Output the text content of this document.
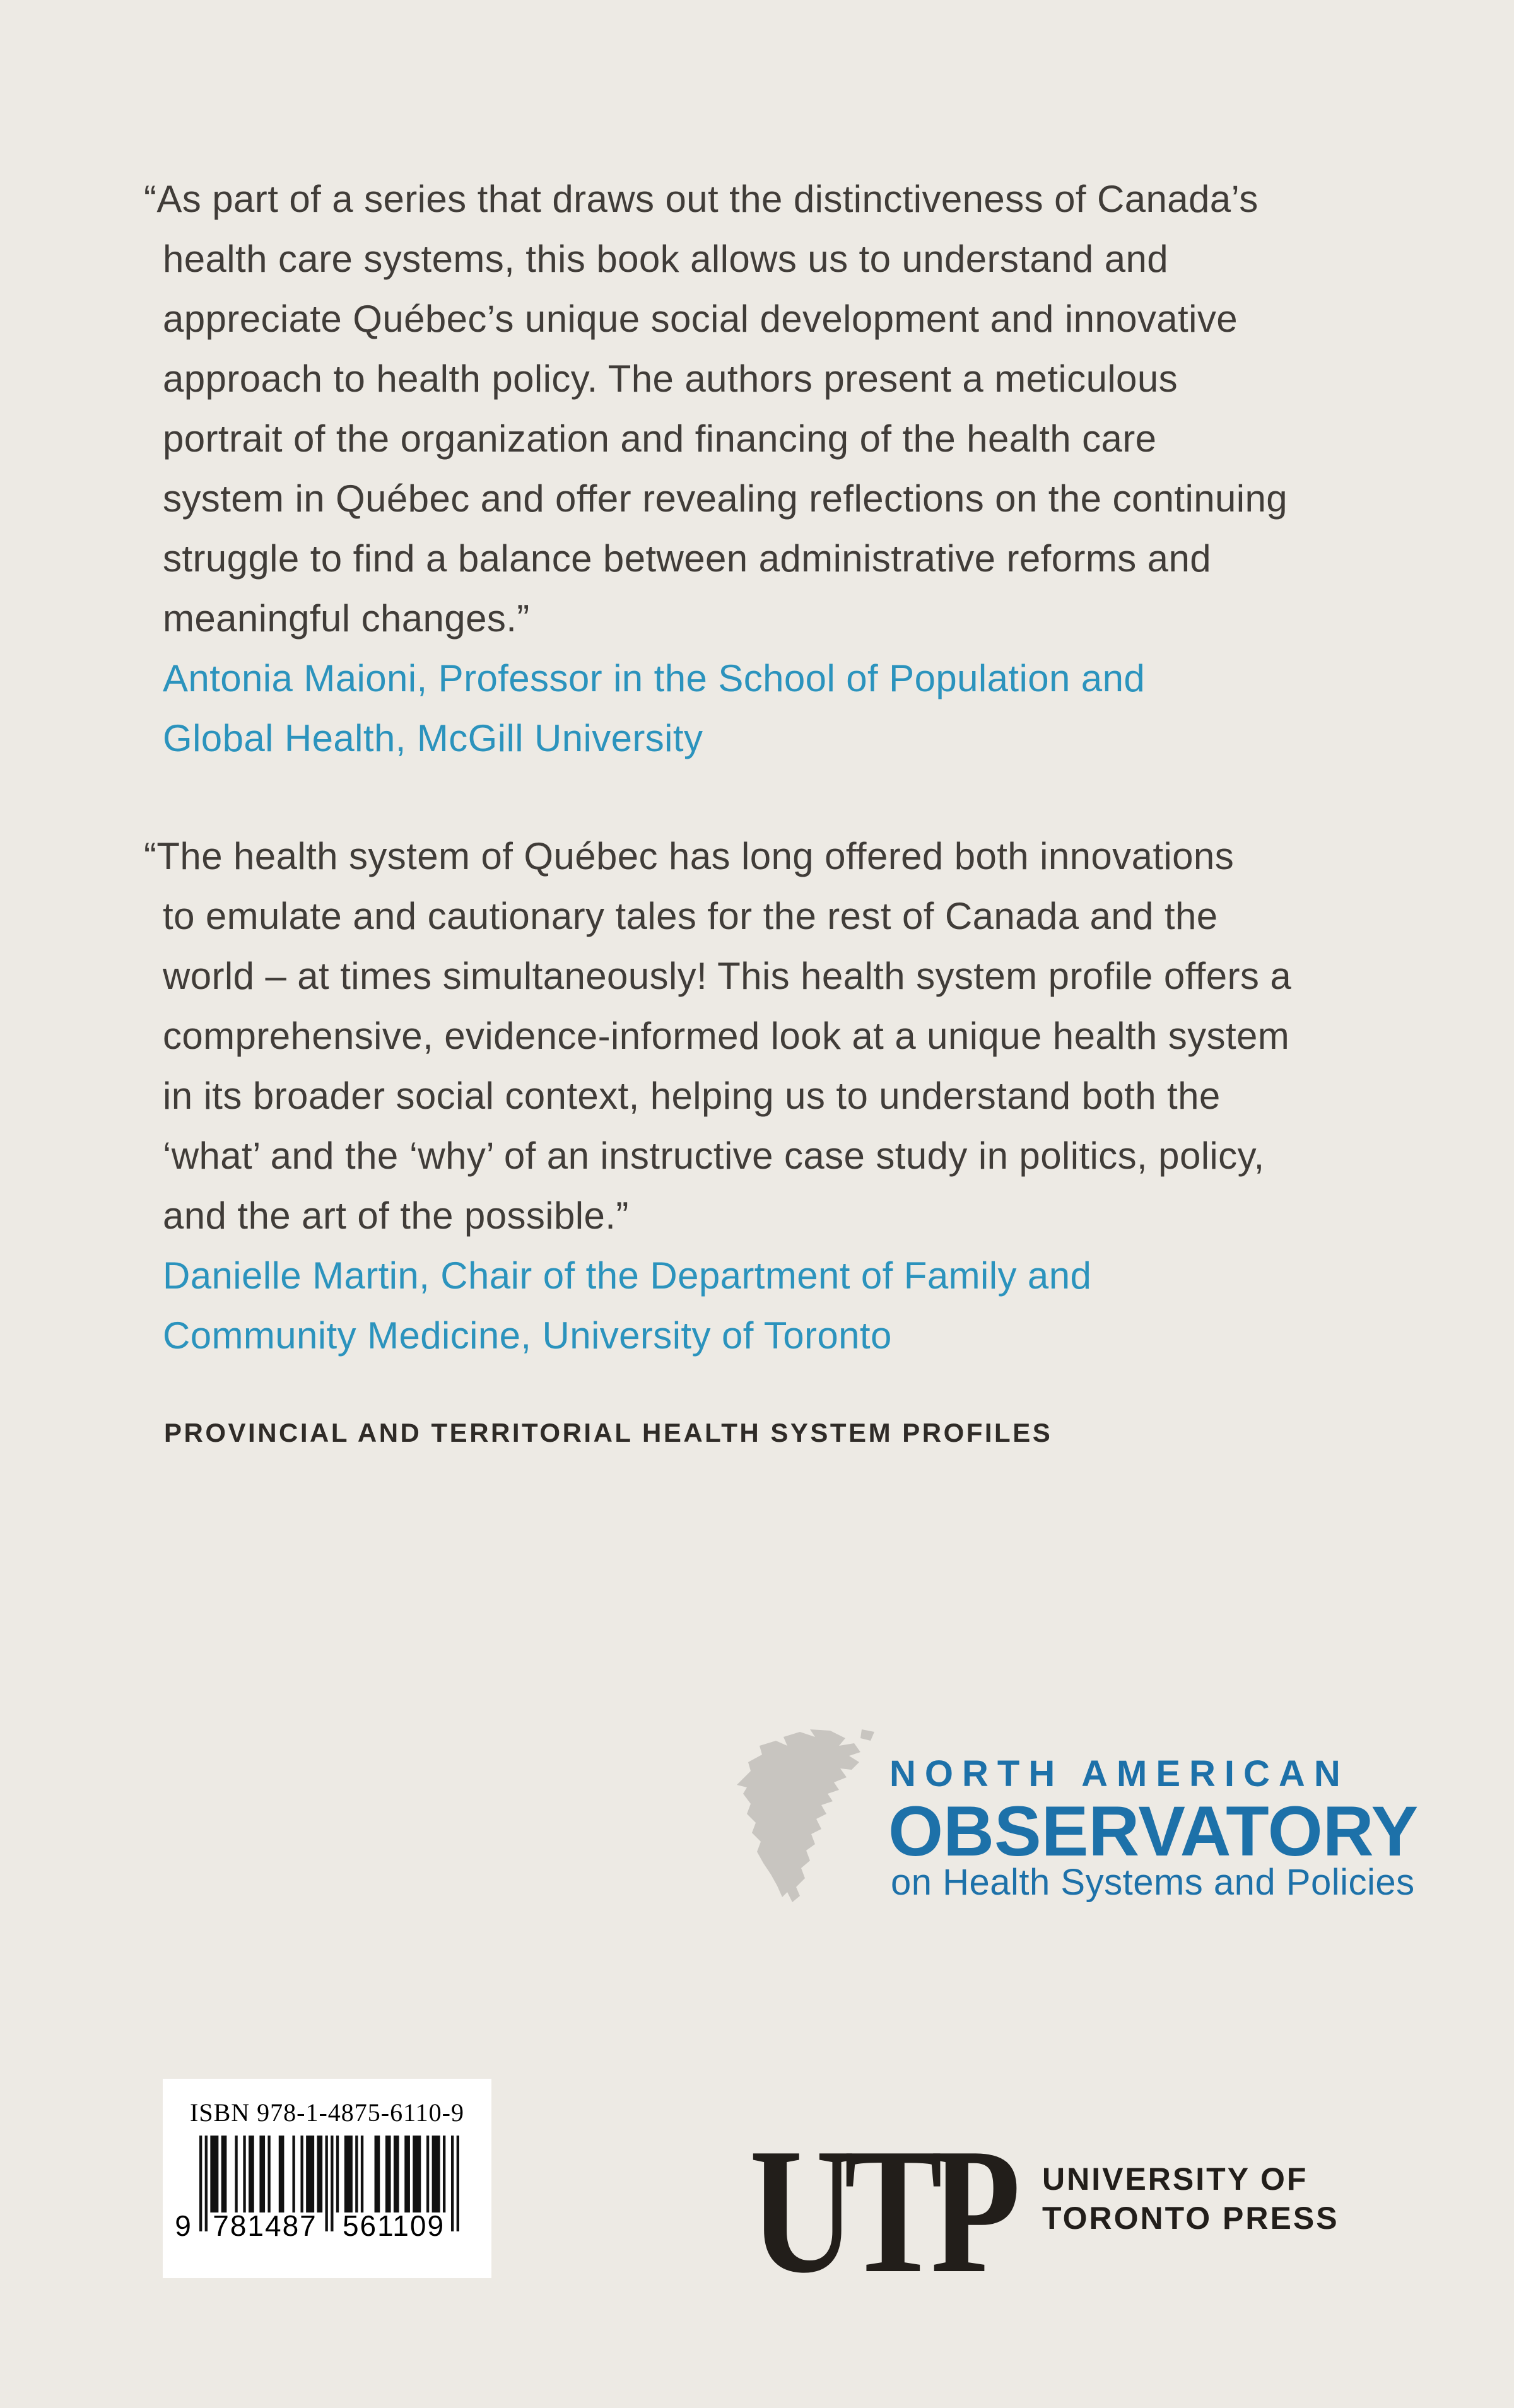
“As part of a series that draws out the distinctiveness of Canada’s
health care systems, this book allows us to understand and
appreciate Québec’s unique social development and innovative
approach to health policy. The authors present a meticulous
portrait of the organization and financing of the health care
system in Québec and offer revealing reflections on the continuing
struggle to find a balance between administrative reforms and
meaningful changes.”
Antonia Maioni, Professor in the School of Population and
Global Health, McGill University
“The health system of Québec has long offered both innovations
to emulate and cautionary tales for the rest of Canada and the
world – at times simultaneously! This health system profile offers a
comprehensive, evidence-informed look at a unique health system
in its broader social context, helping us to understand both the
‘what’ and the ‘why’ of an instructive case study in politics, policy,
and the art of the possible.”
Danielle Martin, Chair of the Department of Family and
Community Medicine, University of Toronto
PROVINCIAL AND TERRITORIAL HEALTH SYSTEM PROFILES
NORTH AMERICAN
OBSERVATORY
on Health Systems and Policies
ISBN 978-1-4875-6110-9
9 781487 561109 UTP UNIVERSITY OF
TORONTO PRESS
